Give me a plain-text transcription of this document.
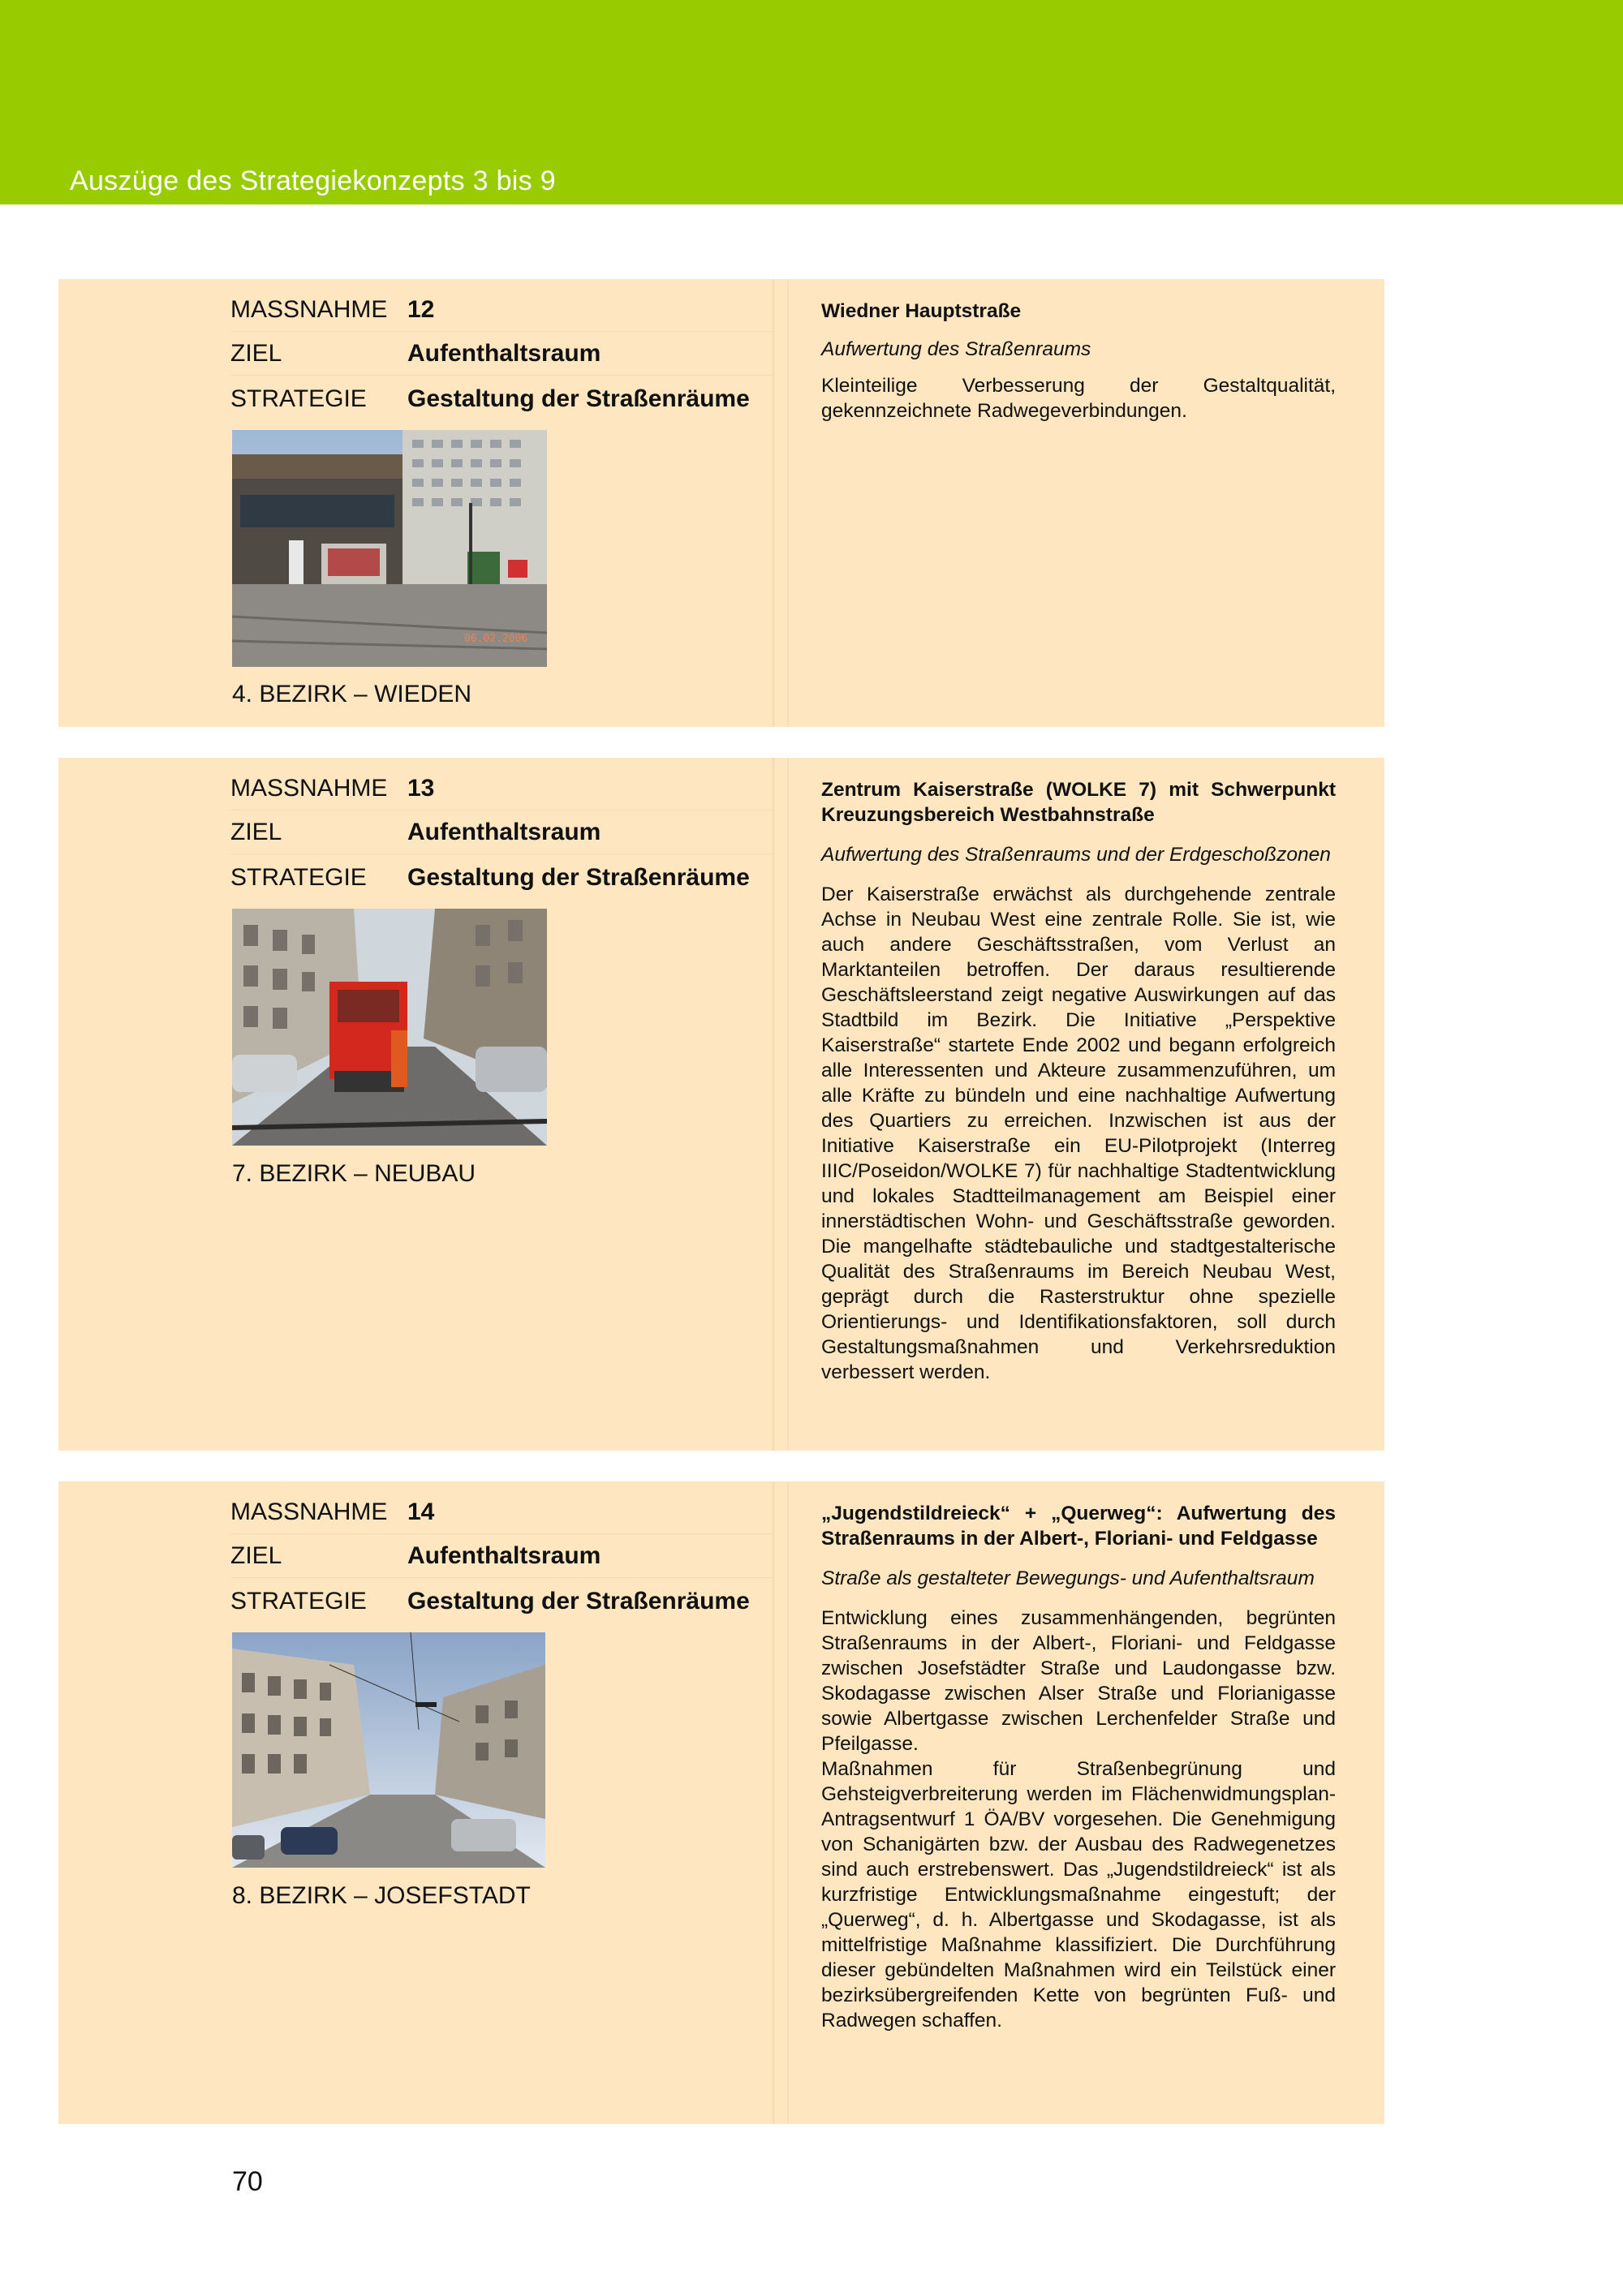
Auszüge des Strategiekonzepts 3 bis 9
MASSNAHME 12
ZIEL	Aufenthaltsraum
STRATEGIE	Gestaltung der Straßenräume
06.02.2006
4. BEZIRK – WIEDEN
Wiedner Hauptstraße
Aufwertung des Straßenraums
Kleinteilige Verbesserung der Gestaltqualität, gekennzeichnete Radwegeverbindungen.
MASSNAHME 13
ZIEL	Aufenthaltsraum
STRATEGIE	Gestaltung der Straßenräume
7. BEZIRK – NEUBAU
Zentrum Kaiserstraße (WOLKE 7) mit Schwerpunkt Kreuzungsbereich Westbahnstraße
Aufwertung des Straßenraums und der Erdgeschoßzonen
Der Kaiserstraße erwächst als durchgehende zentrale Achse in Neubau West eine zentrale Rolle. Sie ist, wie auch andere Geschäftsstraßen, vom Verlust an Marktanteilen betroffen. Der daraus resultierende Geschäftsleerstand zeigt negative Auswirkungen auf das Stadtbild im Bezirk. Die Initiative „Perspektive Kaiserstraße“ startete Ende 2002 und begann erfolgreich alle Interessenten und Akteure zusammenzuführen, um alle Kräfte zu bündeln und eine nachhaltige Aufwertung des Quartiers zu erreichen. Inzwischen ist aus der Initiative Kaiserstraße ein EU-Pilotprojekt (Interreg IIIC/Poseidon/WOLKE 7) für nachhaltige Stadtentwicklung und lokales Stadtteilmanagement am Beispiel einer innerstädtischen Wohn- und Geschäftsstraße geworden. Die mangelhafte städtebauliche und stadtgestalterische Qualität des Straßenraums im Bereich Neubau West, geprägt durch die Rasterstruktur ohne spezielle Orientierungs- und Identifikationsfaktoren, soll durch Gestaltungsmaßnahmen und Verkehrsreduktion verbessert werden.
MASSNAHME 14
ZIEL	Aufenthaltsraum
STRATEGIE	Gestaltung der Straßenräume
8. BEZIRK – JOSEFSTADT
„Jugendstildreieck“ + „Querweg“: Aufwertung des Straßenraums in der Albert-, Floriani- und Feldgasse
Straße als gestalteter Bewegungs- und Aufenthaltsraum
Entwicklung eines zusammenhängenden, begrünten Straßenraums in der Albert-, Floriani- und Feldgasse zwischen Josefstädter Straße und Laudongasse bzw. Skodagasse zwischen Alser Straße und Florianigasse sowie Albertgasse zwischen Lerchenfelder Straße und Pfeilgasse.
Maßnahmen für Straßenbegrünung und Gehsteigverbreiterung werden im Flächenwidmungsplan-Antragsentwurf 1 ÖA/BV vorgesehen. Die Genehmigung von Schanigärten bzw. der Ausbau des Radwegenetzes sind auch erstrebenswert. Das „Jugendstildreieck“ ist als kurzfristige Entwicklungsmaßnahme eingestuft; der „Querweg“, d. h. Albertgasse und Skodagasse, ist als mittelfristige Maßnahme klassifiziert. Die Durchführung dieser gebündelten Maßnahmen wird ein Teilstück einer bezirksübergreifenden Kette von begrünten Fuß- und Radwegen schaffen.
70
